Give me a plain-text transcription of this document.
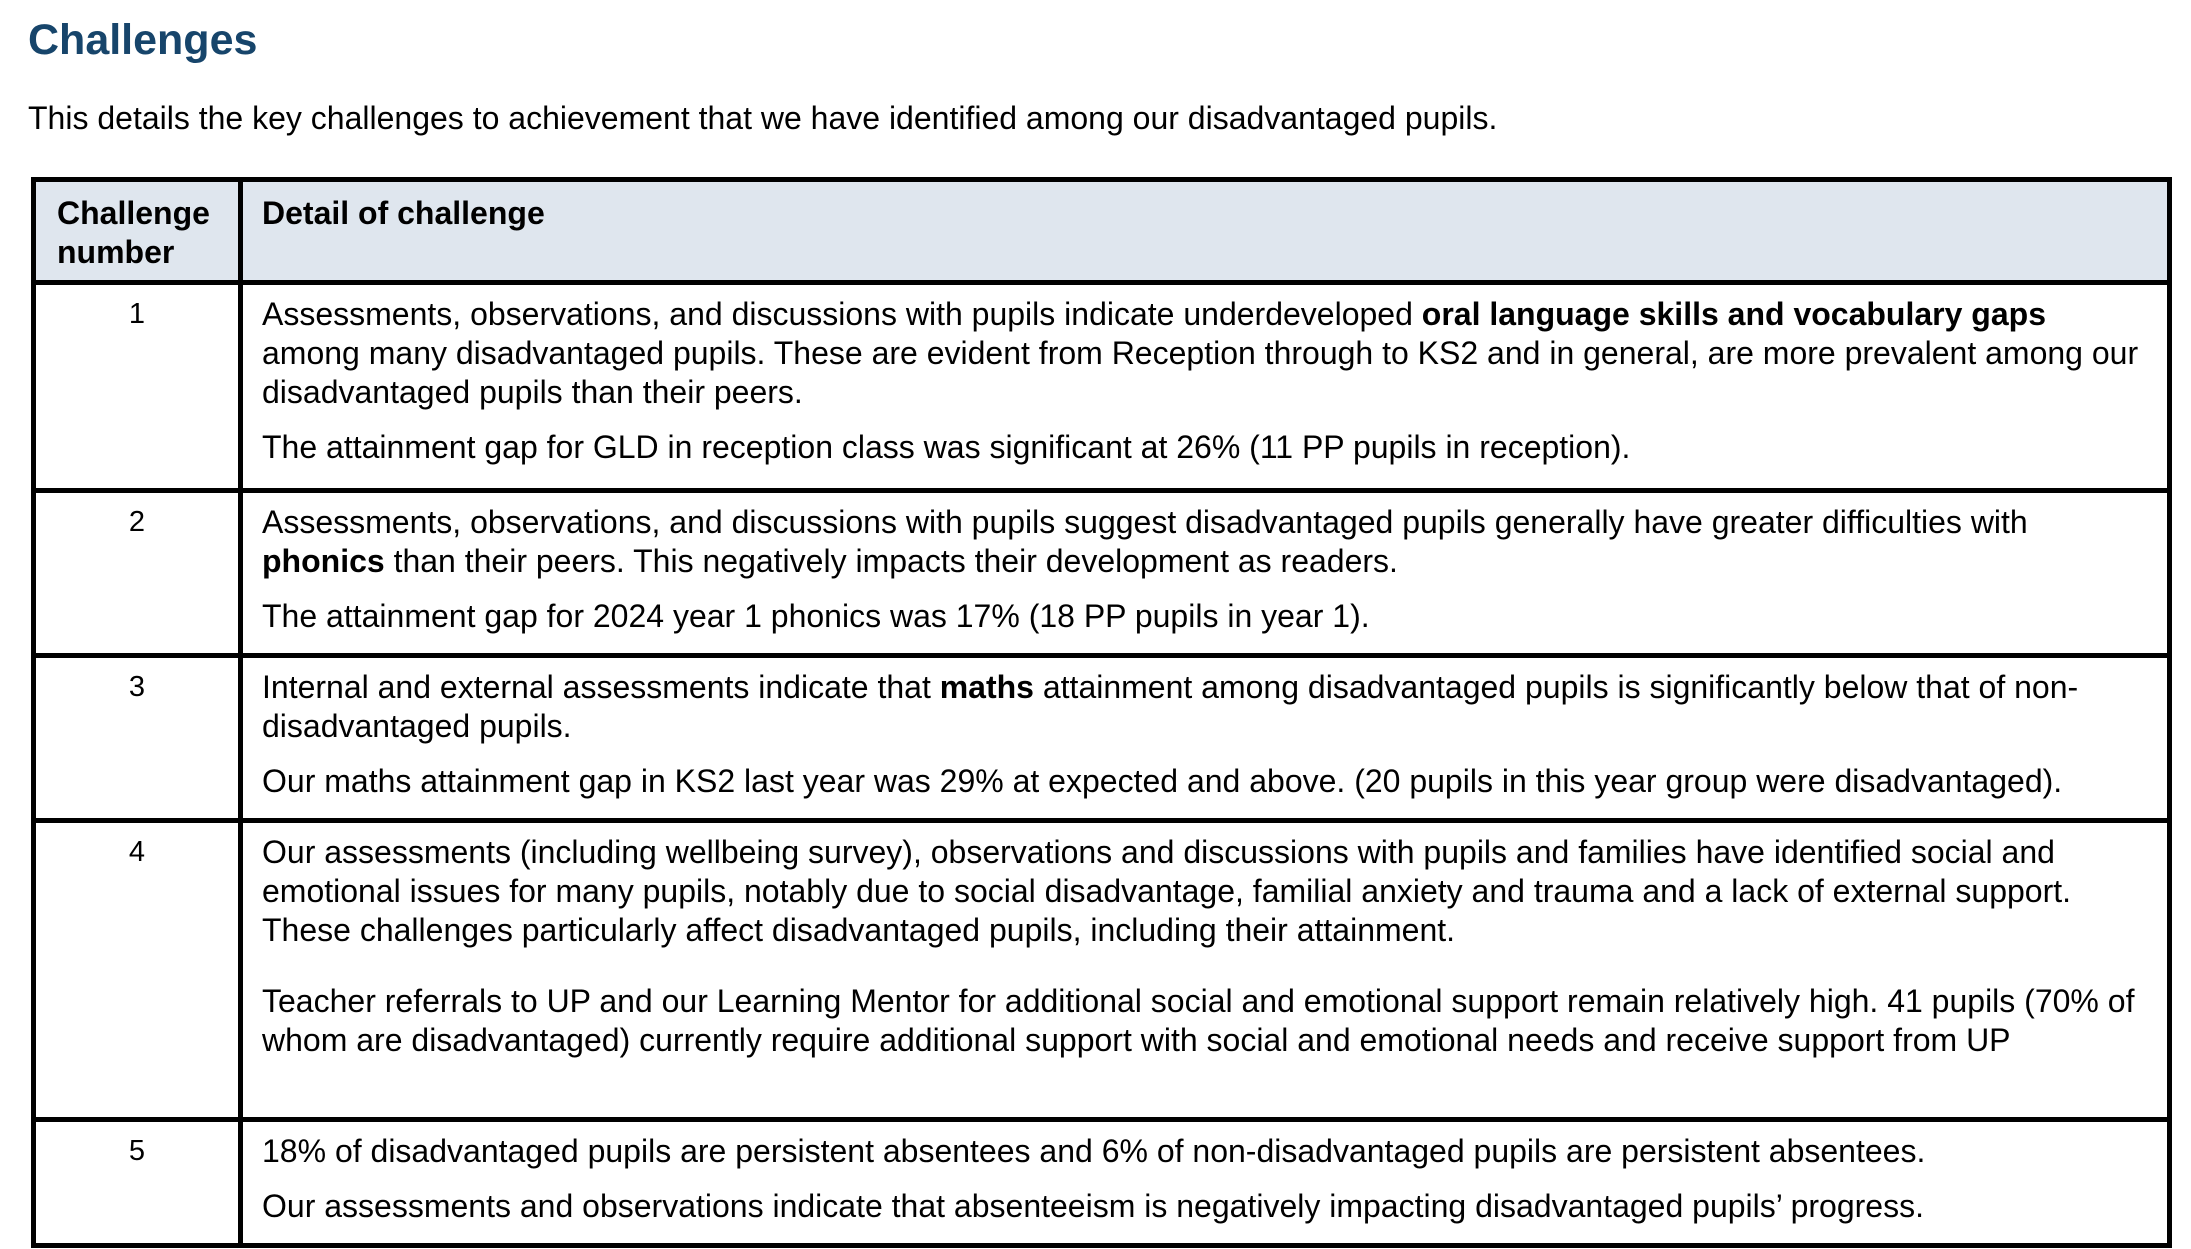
Challenges

This details the key challenges to achievement that we have identified among our disadvantaged pupils.

Challenge number	Detail of challenge
1	Assessments, observations, and discussions with pupils indicate underdeveloped oral language skills and vocabulary gaps among many disadvantaged pupils. These are evident from Reception through to KS2 and in general, are more prevalent among our disadvantaged pupils than their peers.

The attainment gap for GLD in reception class was significant at 26% (11 PP pupils in reception).

2	Assessments, observations, and discussions with pupils suggest disadvantaged pupils generally have greater difficulties with phonics than their peers. This negatively impacts their development as readers.

The attainment gap for 2024 year 1 phonics was 17% (18 PP pupils in year 1).

3	Internal and external assessments indicate that maths attainment among disadvantaged pupils is significantly below that of non-disadvantaged pupils.

Our maths attainment gap in KS2 last year was 29% at expected and above. (20 pupils in this year group were disadvantaged).

4	Our assessments (including wellbeing survey), observations and discussions with pupils and families have identified social and emotional issues for many pupils, notably due to social disadvantage, familial anxiety and trauma and a lack of external support. These challenges particularly affect disadvantaged pupils, including their attainment.

Teacher referrals to UP and our Learning Mentor for additional social and emotional support remain relatively high. 41 pupils (70% of whom are disadvantaged) currently require additional support with social and emotional needs and receive support from UP

5	18% of disadvantaged pupils are persistent absentees and 6% of non-disadvantaged pupils are persistent absentees.

Our assessments and observations indicate that absenteeism is negatively impacting disadvantaged pupils’ progress.
